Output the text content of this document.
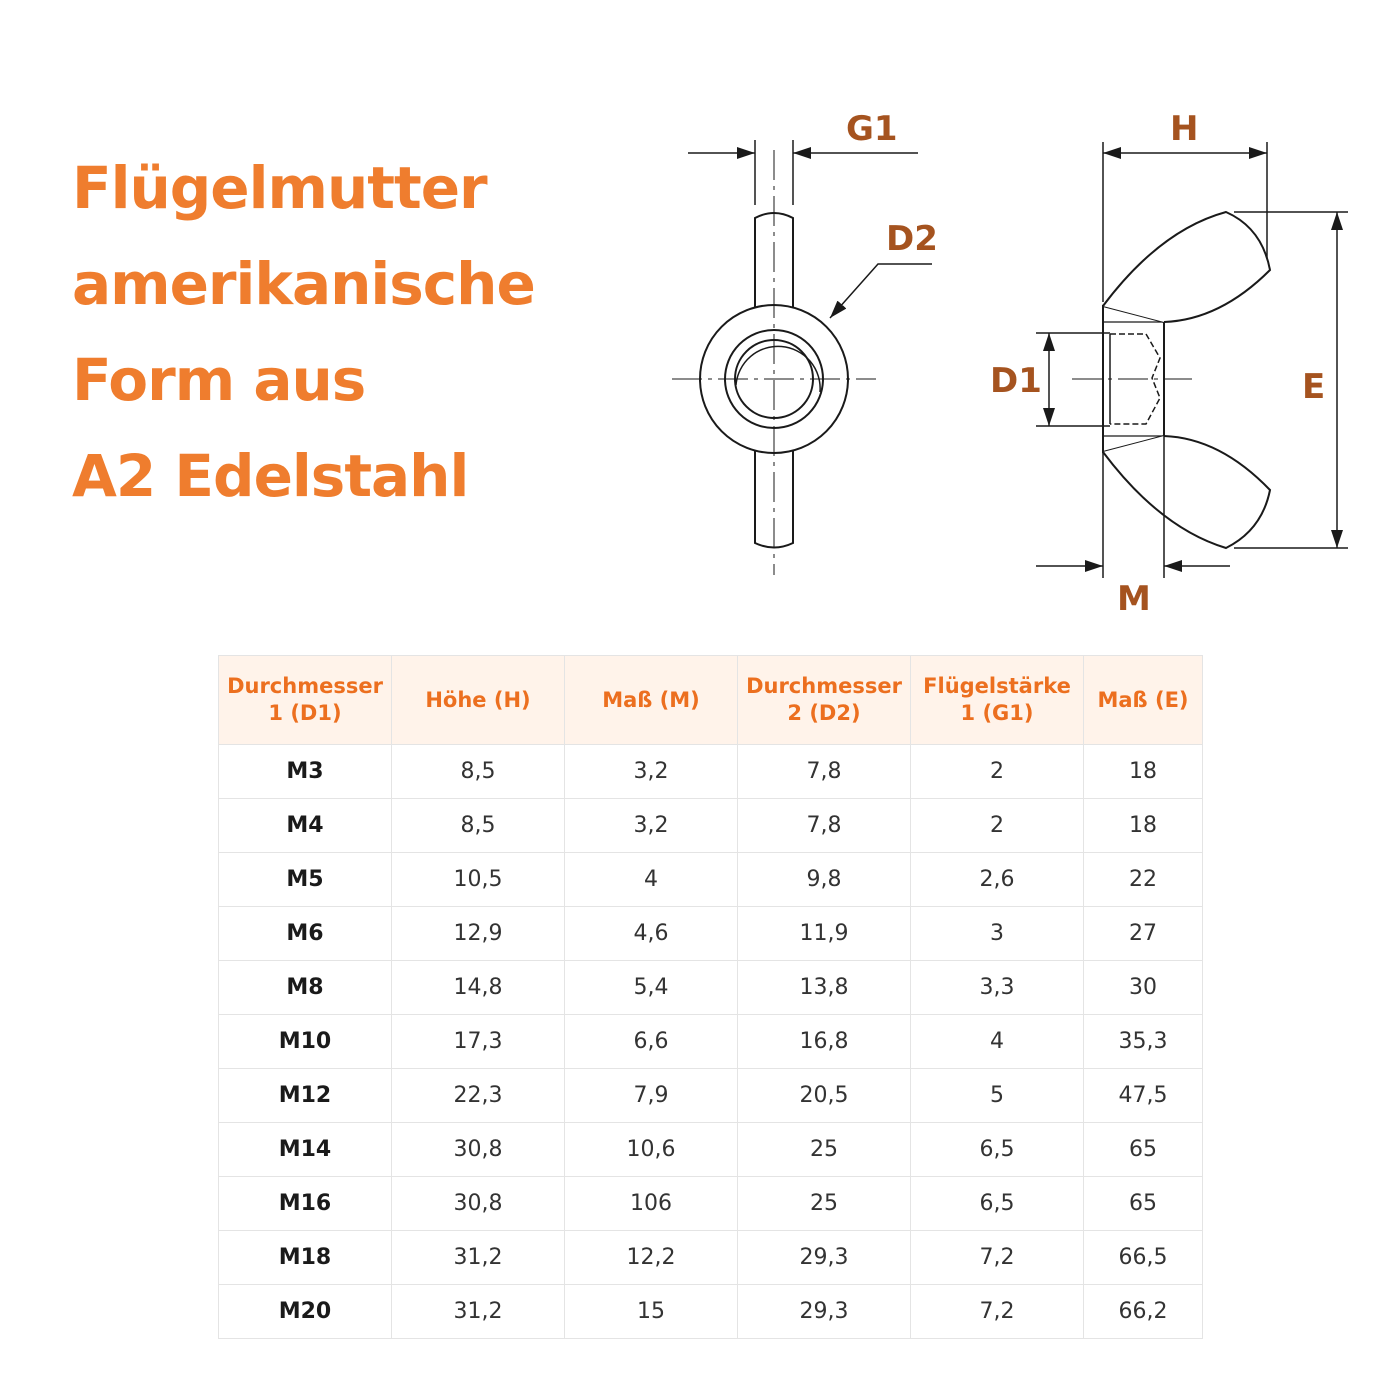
Flügelmutter
amerikanische
Form aus
A2 Edelstahl
G1
D2
H
D1	E
M
Durchmesser 1 (D1)	Höhe (H)	Maß (M)	Durchmesser 2 (D2)	Flügelstärke 1 (G1)	Maß (E)
M3	8,5	3,2	7,8	2	18
M4	8,5	3,2	7,8	2	18
M5	10,5	4	9,8	2,6	22
M6	12,9	4,6	11,9	3	27
M8	14,8	5,4	13,8	3,3	30
M10	17,3	6,6	16,8	4	35,3
M12	22,3	7,9	20,5	5	47,5
M14	30,8	10,6	25	6,5	65
M16	30,8	106	25	6,5	65
M18	31,2	12,2	29,3	7,2	66,5
M20	31,2	15	29,3	7,2	66,2
